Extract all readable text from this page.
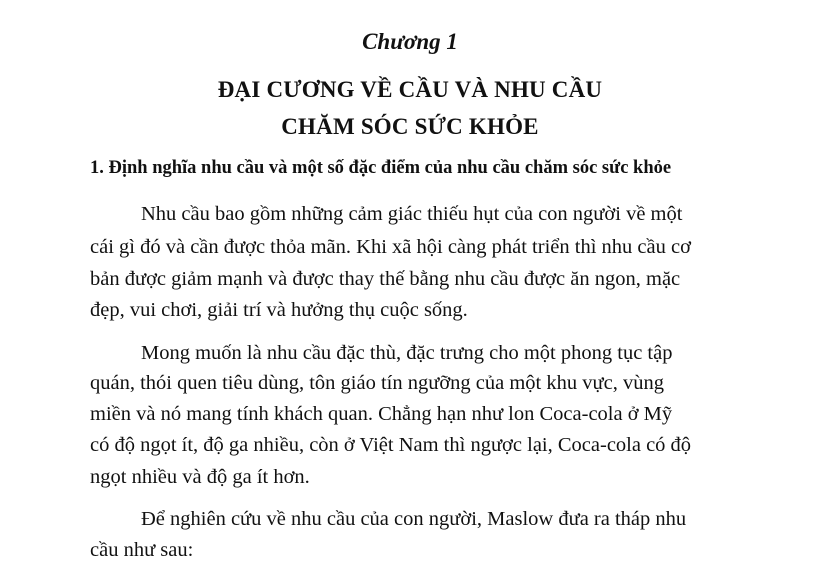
Chương 1
ĐẠI CƯƠNG VỀ CẦU VÀ NHU CẦU
CHĂM SÓC SỨC KHỎE
1. Định nghĩa nhu cầu và một số đặc điểm của nhu cầu chăm sóc sức khỏe
Nhu cầu bao gồm những cảm giác thiếu hụt của con người về một
cái gì đó và cần được thỏa mãn. Khi xã hội càng phát triển thì nhu cầu cơ
bản được giảm mạnh và được thay thế bằng nhu cầu được ăn ngon, mặc
đẹp, vui chơi, giải trí và hưởng thụ cuộc sống.
Mong muốn là nhu cầu đặc thù, đặc trưng cho một phong tục tập
quán, thói quen tiêu dùng, tôn giáo tín ngưỡng của một khu vực, vùng
miền và nó mang tính khách quan. Chẳng hạn như lon Coca-cola ở Mỹ
có độ ngọt ít, độ ga nhiều, còn ở Việt Nam thì ngược lại, Coca-cola có độ
ngọt nhiều và độ ga ít hơn.
Để nghiên cứu về nhu cầu của con người, Maslow đưa ra tháp nhu
cầu như sau:
